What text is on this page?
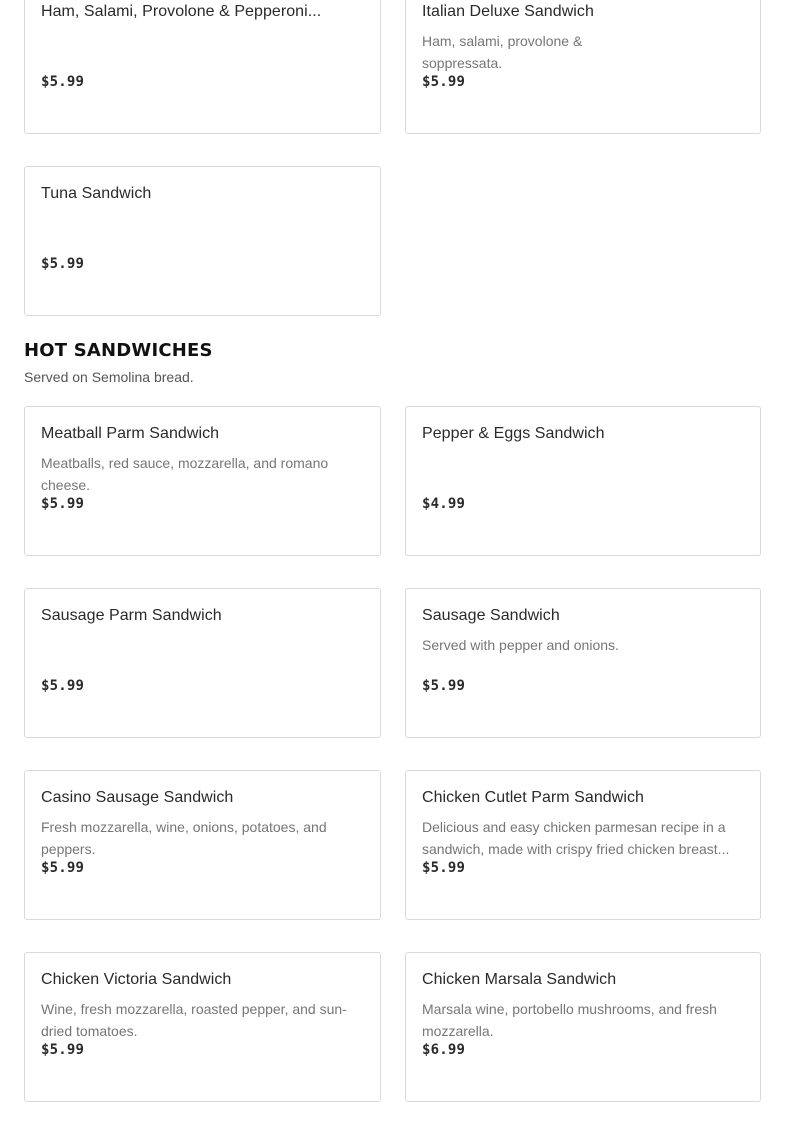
Ham, Salami, Provolone & Pepperoni...
$5.99
Italian Deluxe Sandwich
Ham, salami, provolone & soppressata.
$5.99
Tuna Sandwich
$5.99
HOT SANDWICHES
Served on Semolina bread.
Meatball Parm Sandwich
Meatballs, red sauce, mozzarella, and romano cheese.
$5.99
Pepper & Eggs Sandwich
$4.99
Sausage Parm Sandwich
$5.99
Sausage Sandwich
Served with pepper and onions.
$5.99
Casino Sausage Sandwich
Fresh mozzarella, wine, onions, potatoes, and peppers.
$5.99
Chicken Cutlet Parm Sandwich
Delicious and easy chicken parmesan recipe in a sandwich, made with crispy fried chicken breast...
$5.99
Chicken Victoria Sandwich
Wine, fresh mozzarella, roasted pepper, and sun-dried tomatoes.
$5.99
Chicken Marsala Sandwich
Marsala wine, portobello mushrooms, and fresh mozzarella.
$6.99
